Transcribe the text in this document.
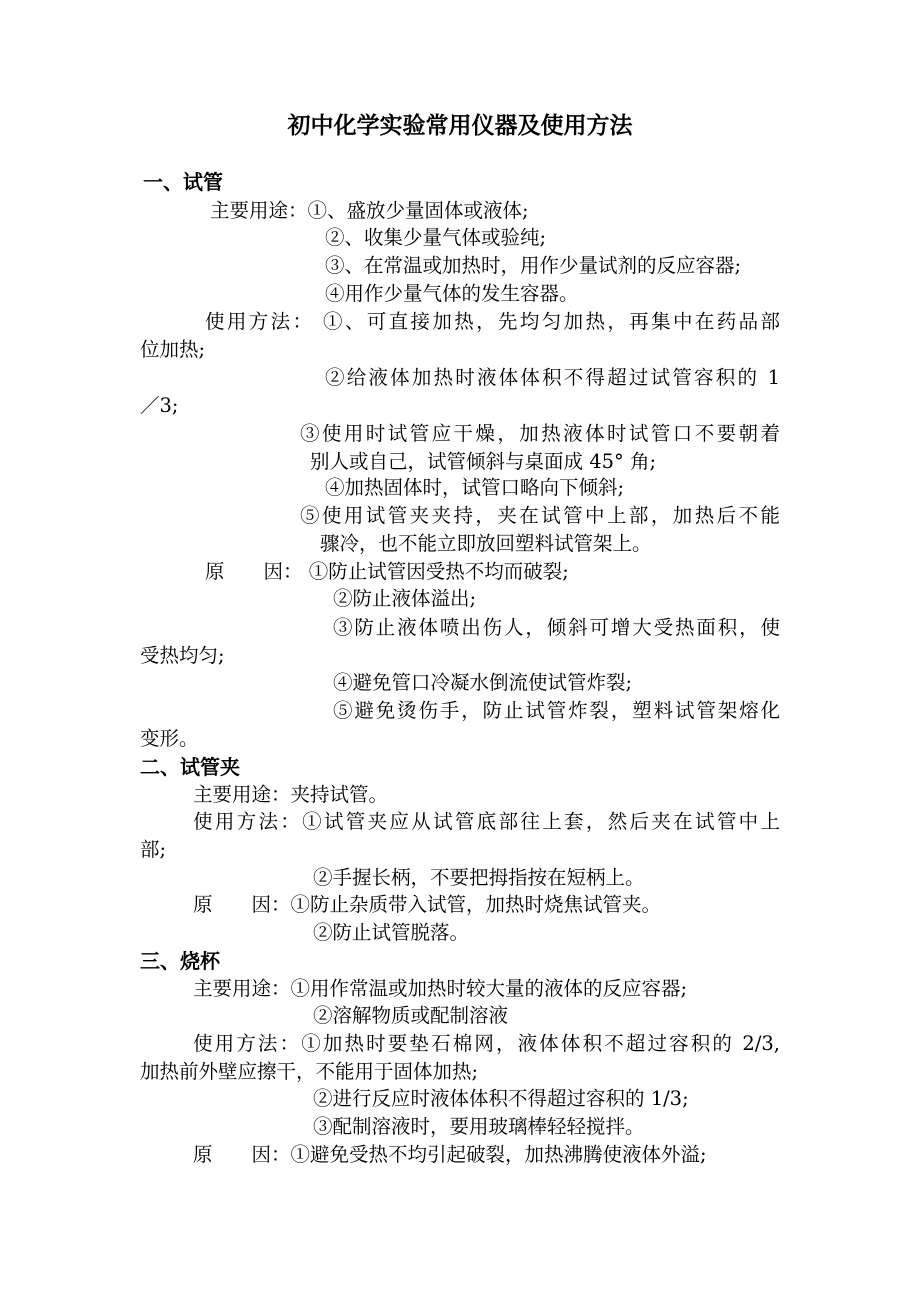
初中化学实验常用仪器及使用方法
一、试管
主要用途：①、盛放少量固体或液体;
②、收集少量气体或验纯;
③、在常温或加热时，用作少量试剂的反应容器;
④用作少量气体的发生容器。
使用方法： ①、可直接加热，先均匀加热，再集中在药品部
位加热;
②给液体加热时液体体积不得超过试管容积的 1
／3;
③使用时试管应干燥，加热液体时试管口不要朝着
别人或自己，试管倾斜与桌面成 45° 角;
④加热固体时，试管口略向下倾斜;
⑤使用试管夹夹持，夹在试管中上部，加热后不能
骤冷，也不能立即放回塑料试管架上。
原　　因： ①防止试管因受热不均而破裂;
②防止液体溢出;
③防止液体喷出伤人，倾斜可增大受热面积，使
受热均匀;
④避免管口冷凝水倒流使试管炸裂;
⑤避免烫伤手，防止试管炸裂，塑料试管架熔化
变形。
二、试管夹
主要用途：夹持试管。
使用方法：①试管夹应从试管底部往上套，然后夹在试管中上
部;
②手握长柄，不要把拇指按在短柄上。
原　　因：①防止杂质带入试管，加热时烧焦试管夹。
②防止试管脱落。
三、烧杯
主要用途：①用作常温或加热时较大量的液体的反应容器;
②溶解物质或配制溶液
使用方法：①加热时要垫石棉网，液体体积不超过容积的 2/3,
加热前外壁应擦干，不能用于固体加热;
②进行反应时液体体积不得超过容积的 1/3;
③配制溶液时，要用玻璃棒轻轻搅拌。
原　　因：①避免受热不均引起破裂，加热沸腾使液体外溢;
